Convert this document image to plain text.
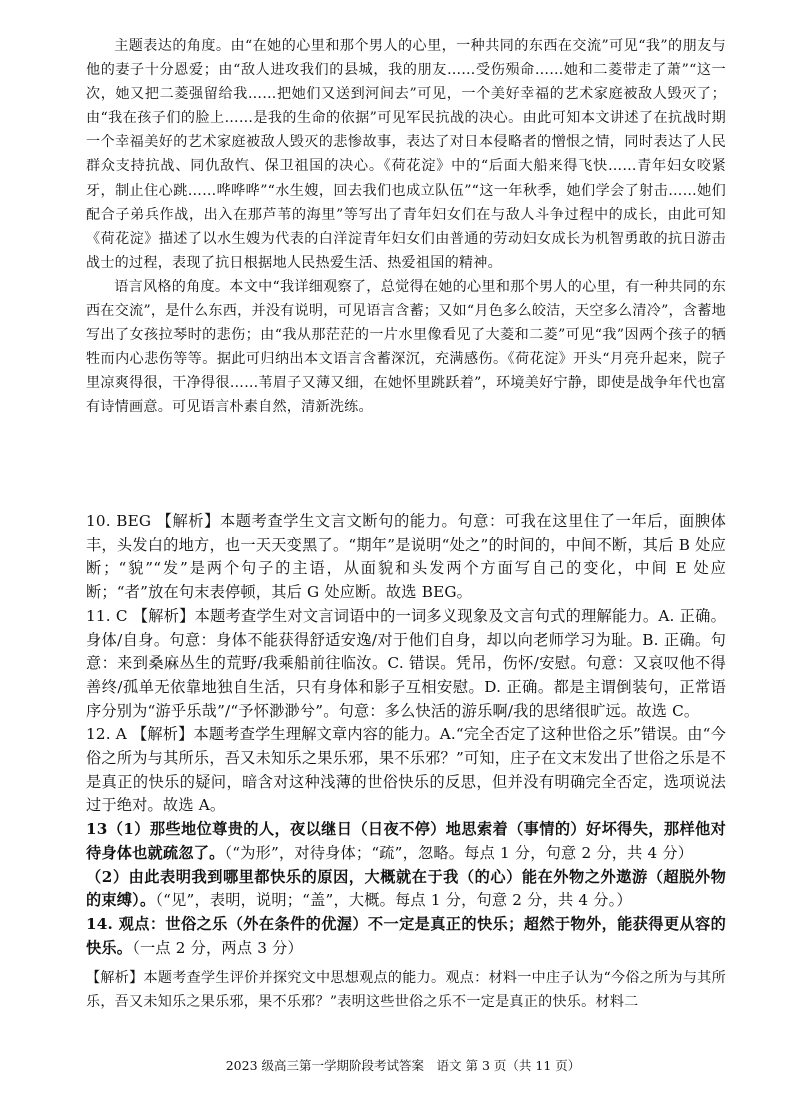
主题表达的角度。由“在她的心里和那个男人的心里，一种共同的东西在交流”可见“我”的朋友与他的妻子十分恩爱；由“敌人进攻我们的县城，我的朋友……受伤殒命……她和二菱带走了萧”“这一次，她又把二菱强留给我……把她们又送到河间去”可见，一个美好幸福的艺术家庭被敌人毁灭了；由“我在孩子们的脸上……是我的生命的依据”可见军民抗战的决心。由此可知本文讲述了在抗战时期一个幸福美好的艺术家庭被敌人毁灭的悲惨故事，表达了对日本侵略者的憎恨之情，同时表达了人民群众支持抗战、同仇敌忾、保卫祖国的决心。《荷花淀》中的“后面大船来得飞快……青年妇女咬紧牙，制止住心跳……哗哗哗”“水生嫂，回去我们也成立队伍”“这一年秋季，她们学会了射击……她们配合子弟兵作战，出入在那芦苇的海里”等写出了青年妇女们在与敌人斗争过程中的成长，由此可知《荷花淀》描述了以水生嫂为代表的白洋淀青年妇女们由普通的劳动妇女成长为机智勇敢的抗日游击战士的过程，表现了抗日根据地人民热爱生活、热爱祖国的精神。

语言风格的角度。本文中“我详细观察了，总觉得在她的心里和那个男人的心里，有一种共同的东西在交流”，是什么东西，并没有说明，可见语言含蓄；又如“月色多么皎洁，天空多么清冷”，含蓄地写出了女孩拉琴时的悲伤；由“我从那茫茫的一片水里像看见了大菱和二菱”可见“我”因两个孩子的牺牲而内心悲伤等等。据此可归纳出本文语言含蓄深沉，充满感伤。《荷花淀》开头“月亮升起来，院子里凉爽得很，干净得很……苇眉子又薄又细，在她怀里跳跃着”，环境美好宁静，即使是战争年代也富有诗情画意。可见语言朴素自然，清新洗练。

10. BEG 【解析】本题考查学生文言文断句的能力。句意：可我在这里住了一年后，面腴体丰，头发白的地方，也一天天变黑了。“期年”是说明“处之”的时间的，中间不断，其后 B 处应断；“貌”“发”是两个句子的主语，从面貌和头发两个方面写自己的变化，中间 E 处应断；“者”放在句末表停顿，其后 G 处应断。故选 BEG。

11. C 【解析】本题考查学生对文言词语中的一词多义现象及文言句式的理解能力。A. 正确。身体/自身。句意：身体不能获得舒适安逸/对于他们自身，却以向老师学习为耻。B. 正确。句意：来到桑麻丛生的荒野/我乘船前往临汝。C. 错误。凭吊，伤怀/安慰。句意：又哀叹他不得善终/孤单无依靠地独自生活，只有身体和影子互相安慰。D. 正确。都是主谓倒装句，正常语序分别为“游乎乐哉”/“予怀渺渺兮”。句意：多么快活的游乐啊/我的思绪很旷远。故选 C。

12. A 【解析】本题考查学生理解文章内容的能力。A.“完全否定了这种世俗之乐”错误。由“今俗之所为与其所乐，吾又未知乐之果乐邪，果不乐邪？”可知，庄子在文末发出了世俗之乐是不是真正的快乐的疑问，暗含对这种浅薄的世俗快乐的反思，但并没有明确完全否定，选项说法过于绝对。故选 A。

13（1）那些地位尊贵的人，夜以继日（日夜不停）地思索着（事情的）好坏得失，那样他对待身体也就疏忽了。（“为形”，对待身体；“疏”，忽略。每点 1 分，句意 2 分，共 4 分）

（2）由此表明我到哪里都快乐的原因，大概就在于我（的心）能在外物之外遨游（超脱外物的束缚）。（“见”，表明，说明；“盖”，大概。每点 1 分，句意 2 分，共 4 分。）

14. 观点：世俗之乐（外在条件的优渥）不一定是真正的快乐；超然于物外，能获得更从容的快乐。（一点 2 分，两点 3 分）

【解析】本题考查学生评价并探究文中思想观点的能力。观点：材料一中庄子认为“今俗之所为与其所乐，吾又未知乐之果乐邪，果不乐邪？”表明这些世俗之乐不一定是真正的快乐。材料二

2023 级高三第一学期阶段考试答案　语文 第 3 页（共 11 页）
